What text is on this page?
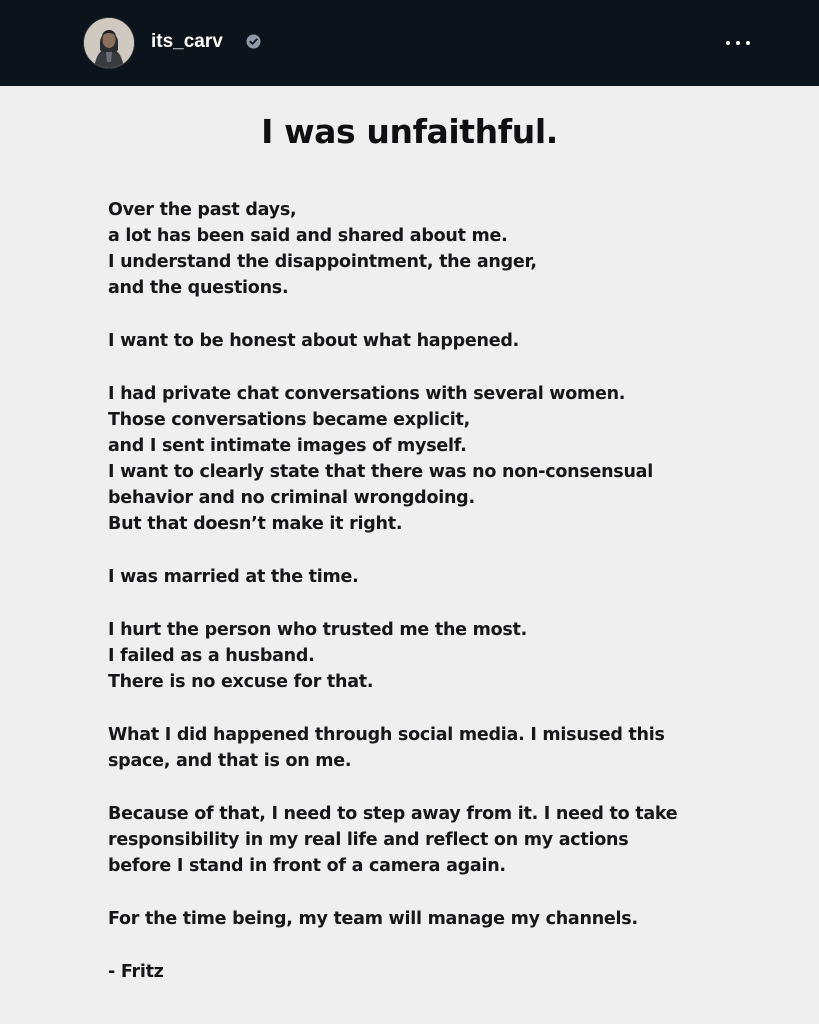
its_carv
I was unfaithful.

Over the past days,
a lot has been said and shared about me.
I understand the disappointment, the anger,
and the questions.

I want to be honest about what happened.

I had private chat conversations with several women.
Those conversations became explicit,
and I sent intimate images of myself.
I want to clearly state that there was no non-consensual
behavior and no criminal wrongdoing.
But that doesn’t make it right.

I was married at the time.

I hurt the person who trusted me the most.
I failed as a husband.
There is no excuse for that.

What I did happened through social media. I misused this
space, and that is on me.

Because of that, I need to step away from it. I need to take
responsibility in my real life and reflect on my actions
before I stand in front of a camera again.

For the time being, my team will manage my channels.

- Fritz
